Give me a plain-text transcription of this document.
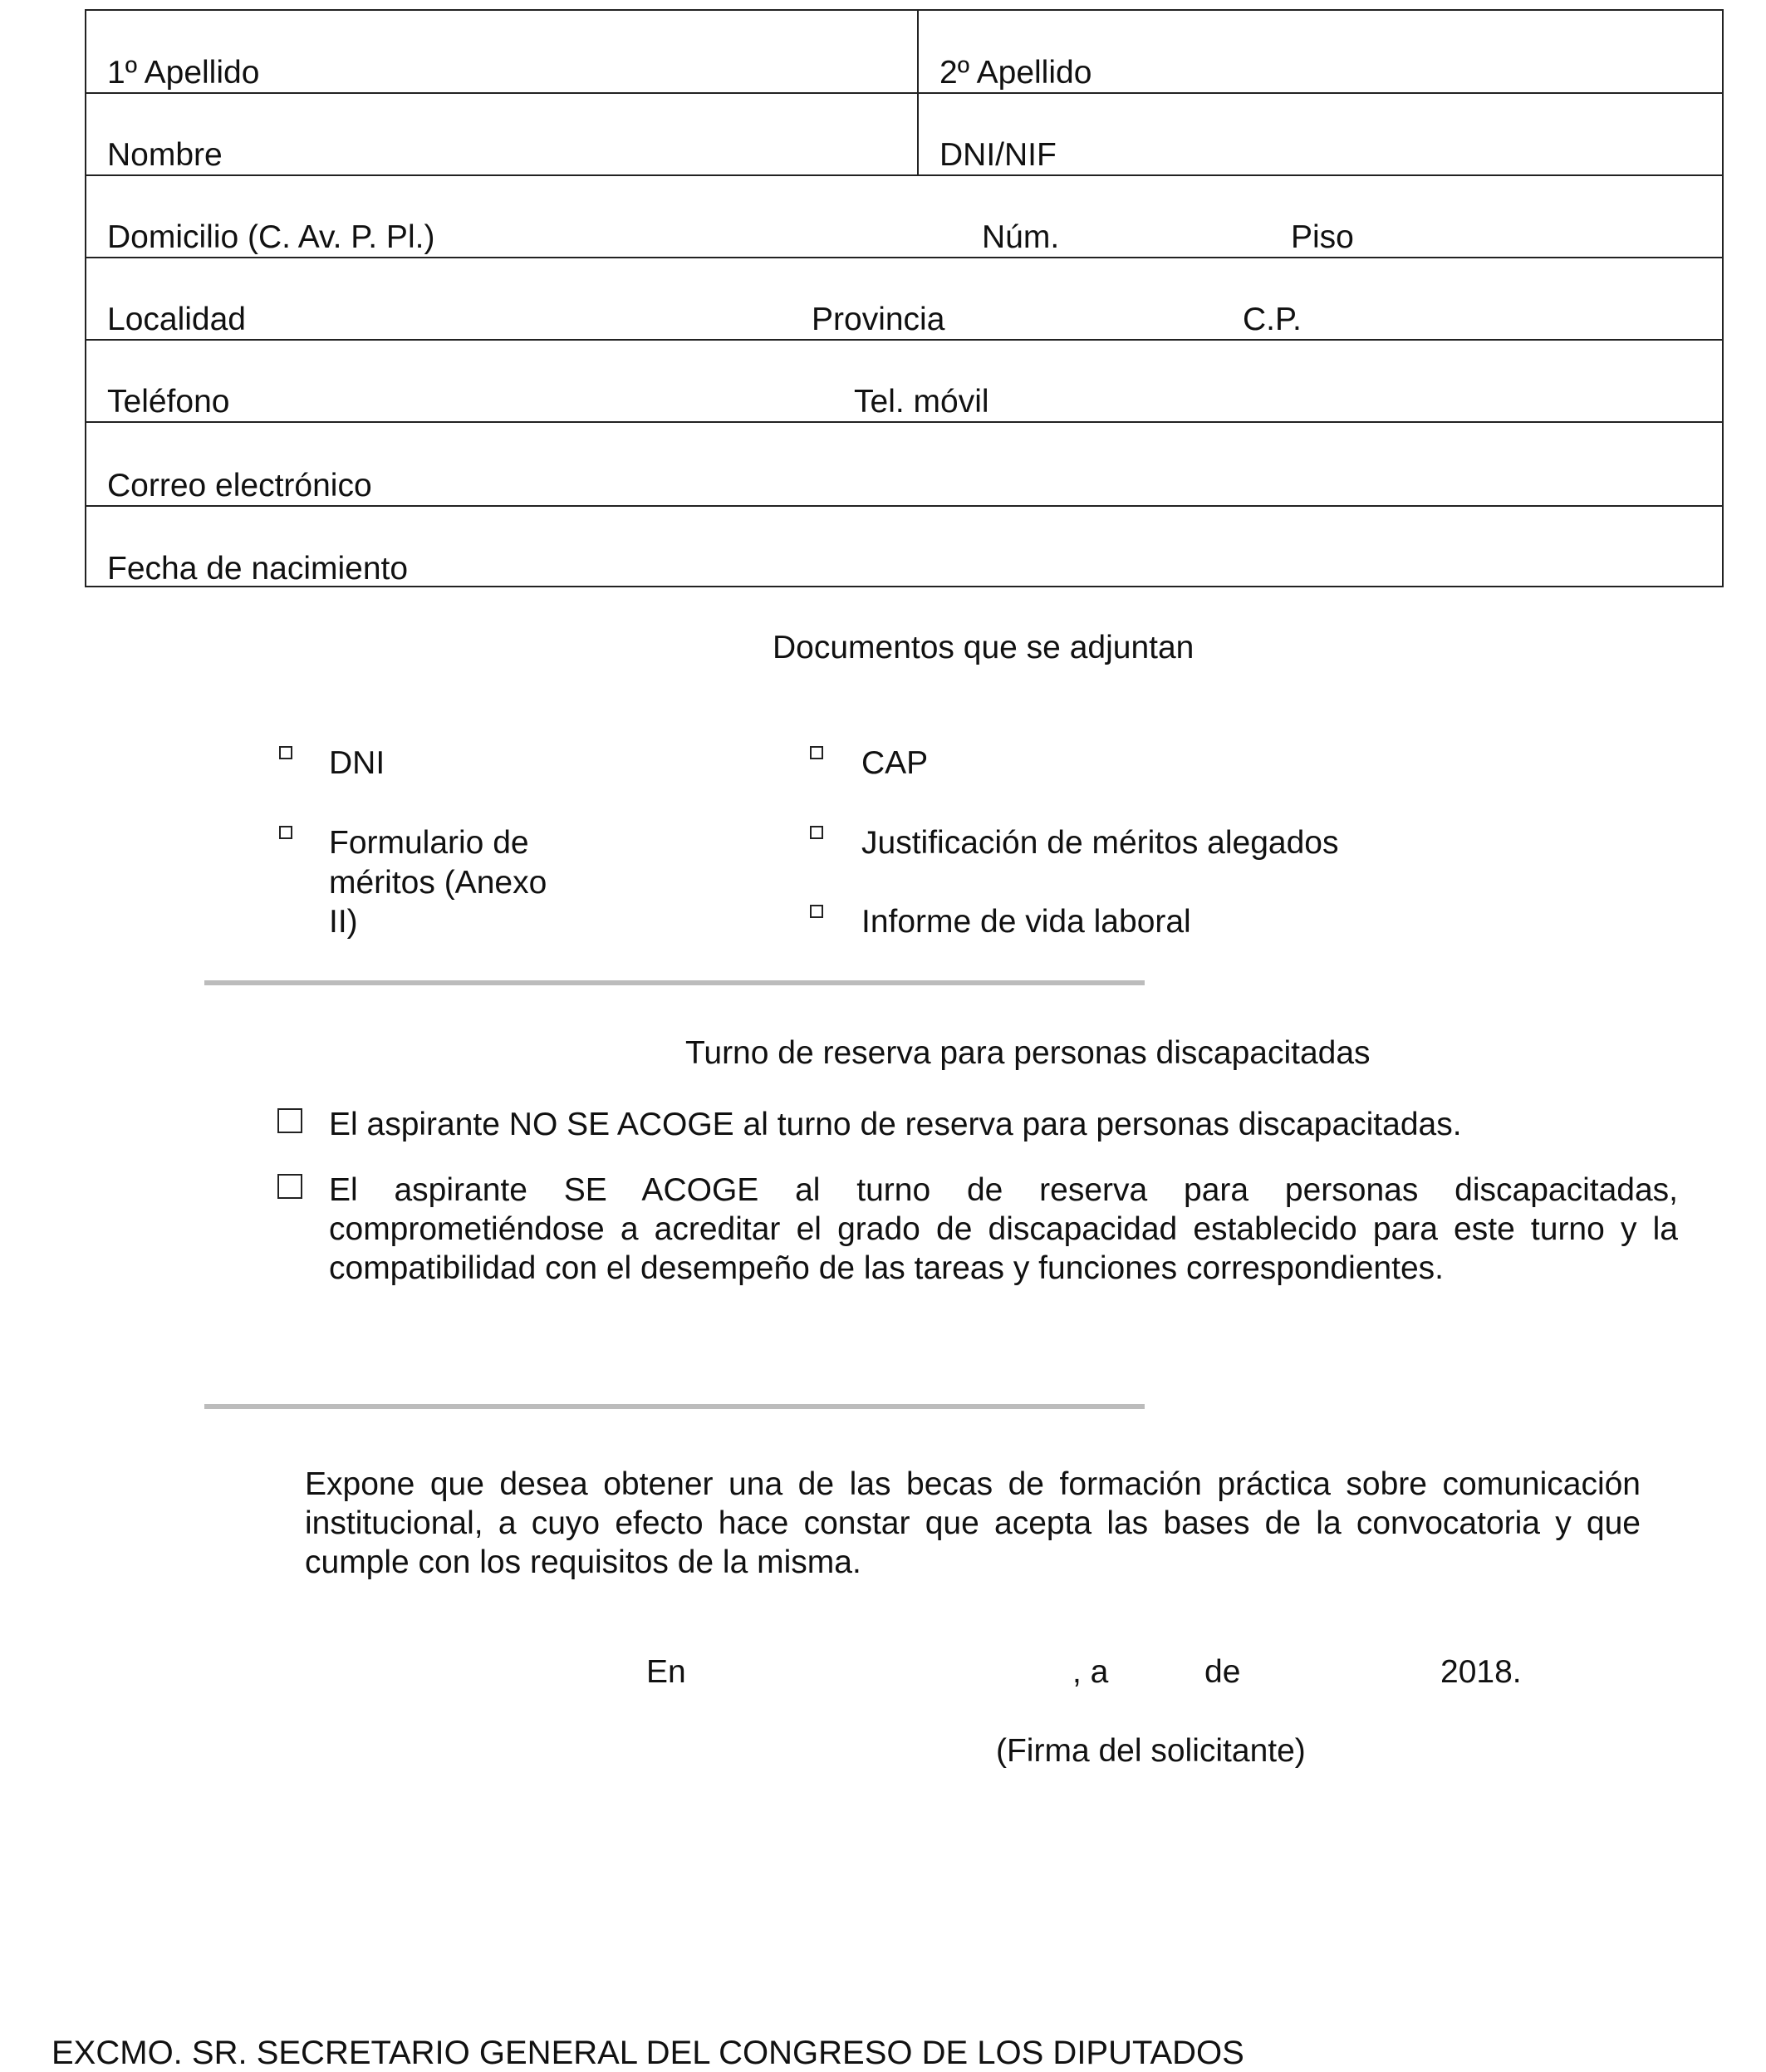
1º Apellido	2º Apellido
Nombre	DNI/NIF
Domicilio (C. Av. P. Pl.)	Núm.	Piso
Localidad	Provincia	C.P.
Teléfono	Tel. móvil
Correo electrónico
Fecha de nacimiento
Documentos que se adjuntan
DNI	CAP
Formulario de
méritos (Anexo
II)
Justificación de méritos alegados
Informe de vida laboral
Turno de reserva para personas discapacitadas
El aspirante NO SE ACOGE al turno de reserva para personas discapacitadas.
El aspirante SE ACOGE al turno de reserva para personas discapacitadas,
comprometiéndose a acreditar el grado de discapacidad establecido para este turno y la
compatibilidad con el desempeño de las tareas y funciones correspondientes.
Expone que desea obtener una de las becas de formación práctica sobre comunicación
institucional, a cuyo efecto hace constar que acepta las bases de la convocatoria y que
cumple con los requisitos de la misma.
En	, a	de	2018.
(Firma del solicitante)
EXCMO. SR. SECRETARIO GENERAL DEL CONGRESO DE LOS DIPUTADOS
